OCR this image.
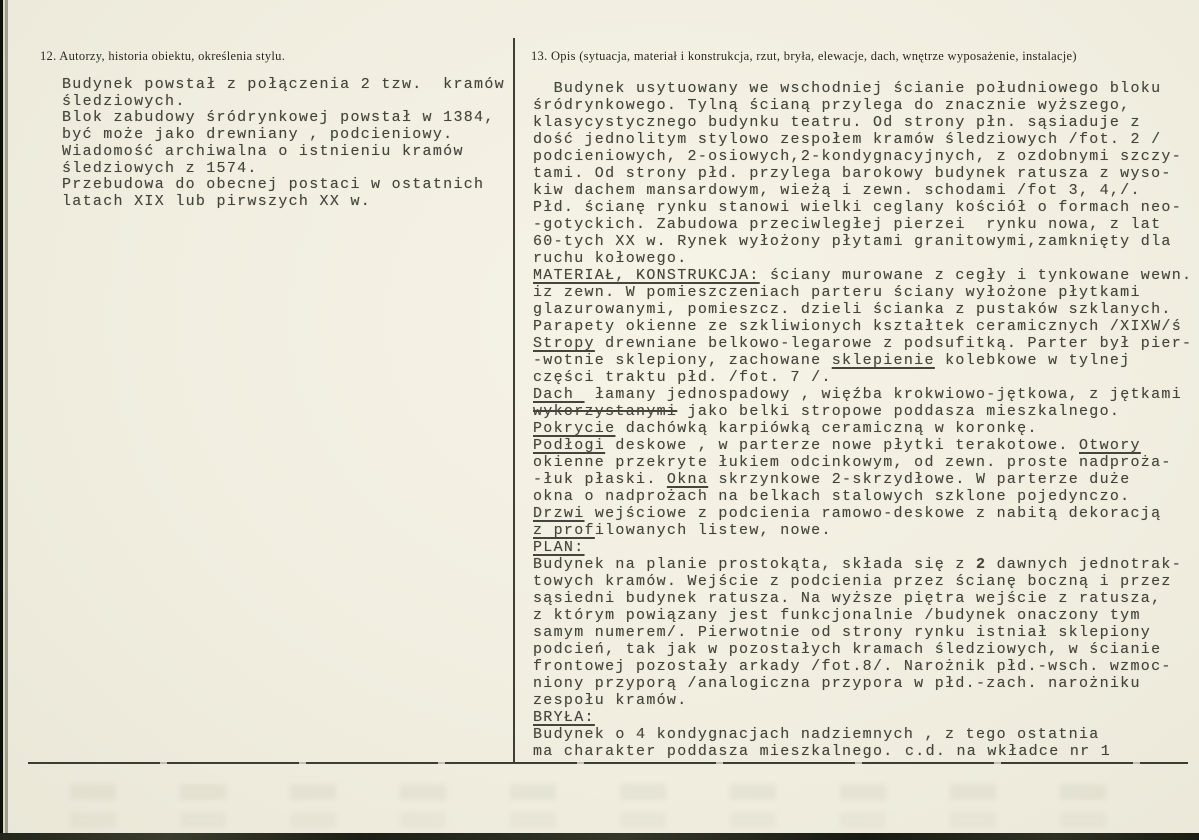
12. Autorzy, historia obiektu, określenia stylu.
Budynek powstał z połączenia 2 tzw.  kramów
śledziowych.
Blok zabudowy śródrynkowej powstał w 1384,
być może jako drewniany , podcieniowy.
Wiadomość archiwalna o istnieniu kramów
śledziowych z 1574.
Przebudowa do obecnej postaci w ostatnich
latach XIX lub pirwszych XX w.
13. Opis (sytuacja, materiał i konstrukcja, rzut, bryła, elewacje, dach, wnętrze wyposażenie, instalacje)
Budynek usytuowany we wschodniej ścianie południowego bloku
śródrynkowego. Tylną ścianą przylega do znacznie wyższego,
klasycystycznego budynku teatru. Od strony płn. sąsiaduje z
dość jednolitym stylowo zespołem kramów śledziowych /fot. 2 /
podcieniowych, 2-osiowych,2-kondygnacyjnych, z ozdobnymi szczy-
tami. Od strony płd. przylega barokowy budynek ratusza z wyso-
kiw dachem mansardowym, wieżą i zewn. schodami /fot 3, 4,/.
Płd. ścianę rynku stanowi wielki ceglany kościół o formach neo-
-gotyckich. Zabudowa przeciwległej pierzei  rynku nowa, z lat
60-tych XX w. Rynek wyłożony płytami granitowymi,zamknięty dla
ruchu kołowego.
MATERIAŁ, KONSTRUKCJA: ściany murowane z cegły i tynkowane wewn.
iz zewn. W pomieszczeniach parteru ściany wyłożone płytkami
glazurowanymi, pomieszcz. dzieli ścianka z pustaków szklanych.
Parapety okienne ze szkliwionych kształtek ceramicznych /XIXW/ś
Stropy drewniane belkowo-legarowe z podsufitką. Parter był pier-
-wotnie sklepiony, zachowane sklepienie kolebkowe w tylnej
części traktu płd. /fot. 7 /.
Dach  łamany jednospadowy , więźba krokwiowo-jętkowa, z jętkami
wykorzystanymi jako belki stropowe poddasza mieszkalnego.
Pokrycie dachówką karpiówką ceramiczną w koronkę.
Podłogi deskowe , w parterze nowe płytki terakotowe. Otwory
okienne przekryte łukiem odcinkowym, od zewn. proste nadproża-
-łuk płaski. Okna skrzynkowe 2-skrzydłowe. W parterze duże
okna o nadprożach na belkach stalowych szklone pojedynczo.
Drzwi wejściowe z podcienia ramowo-deskowe z nabitą dekoracją
z profilowanych listew, nowe.
PLAN:
Budynek na planie prostokąta, składa się z 2 dawnych jednotrak-
towych kramów. Wejście z podcienia przez ścianę boczną i przez
sąsiedni budynek ratusza. Na wyższe piętra wejście z ratusza,
z którym powiązany jest funkcjonalnie /budynek onaczony tym
samym numerem/. Pierwotnie od strony rynku istniał sklepiony
podcień, tak jak w pozostałych kramach śledziowych, w ścianie
frontowej pozostały arkady /fot.8/. Narożnik płd.-wsch. wzmoc-
niony przyporą /analogiczna przypora w płd.-zach. narożniku
zespołu kramów.
BRYŁA:
Budynek o 4 kondygnacjach nadziemnych , z tego ostatnia
ma charakter poddasza mieszkalnego. c.d. na wkładce nr 1
